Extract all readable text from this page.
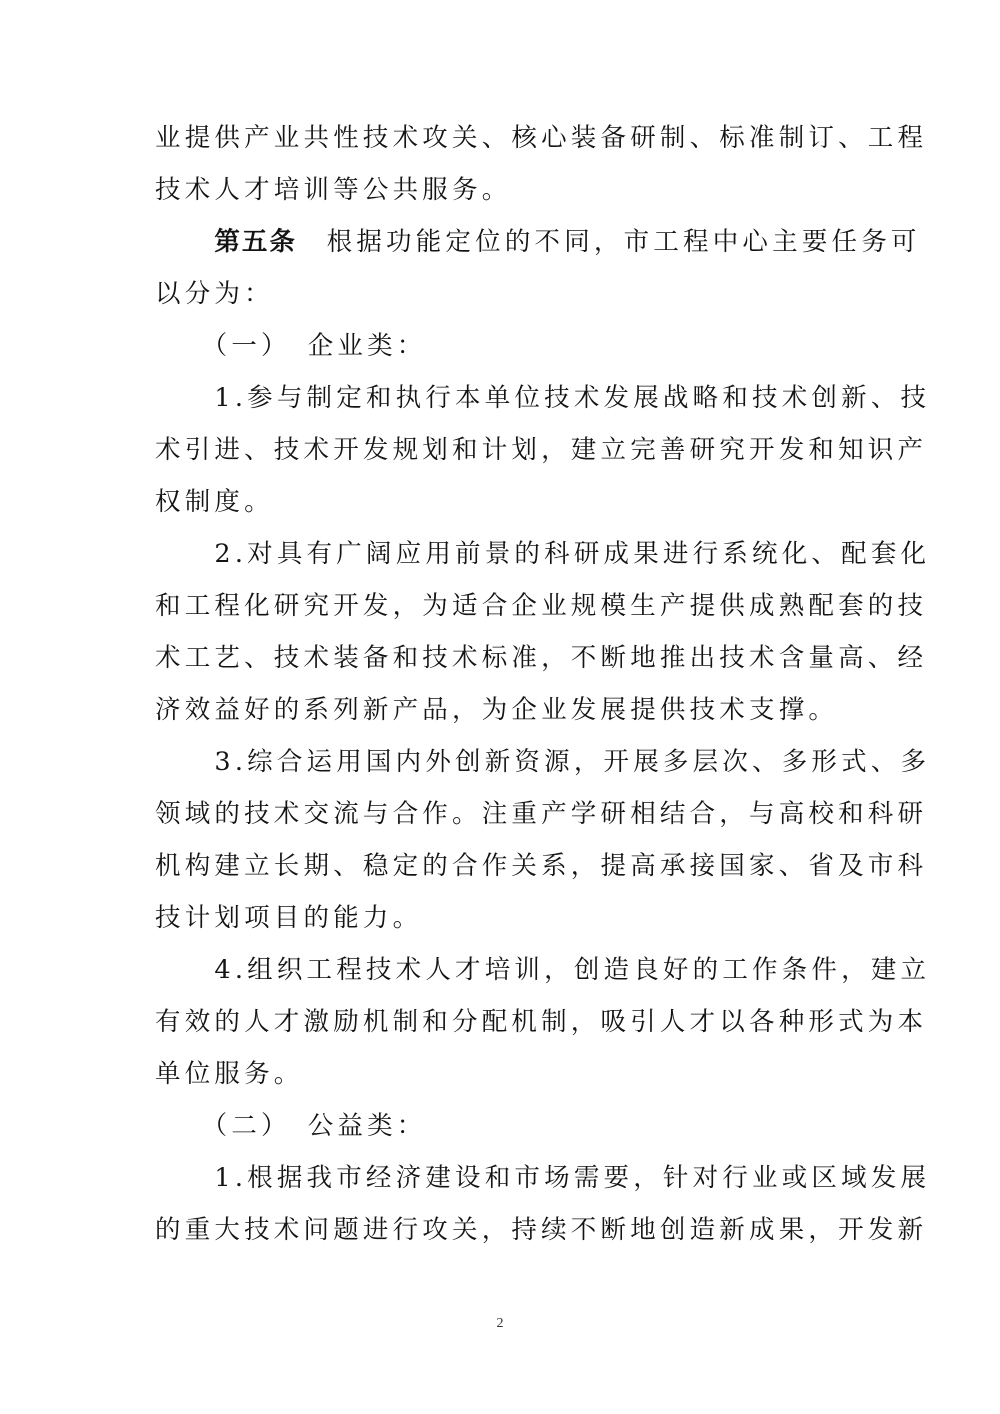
业提供产业共性技术攻关、核心装备研制、标准制订、工程
技术人才培训等公共服务。
　　第五条　根据功能定位的不同，市工程中心主要任务可
以分为：
　　（一）　企业类：
　　1.参与制定和执行本单位技术发展战略和技术创新、技
术引进、技术开发规划和计划，建立完善研究开发和知识产
权制度。
　　2.对具有广阔应用前景的科研成果进行系统化、配套化
和工程化研究开发，为适合企业规模生产提供成熟配套的技
术工艺、技术装备和技术标准，不断地推出技术含量高、经
济效益好的系列新产品，为企业发展提供技术支撑。
　　3.综合运用国内外创新资源，开展多层次、多形式、多
领域的技术交流与合作。注重产学研相结合，与高校和科研
机构建立长期、稳定的合作关系，提高承接国家、省及市科
技计划项目的能力。
　　4.组织工程技术人才培训，创造良好的工作条件，建立
有效的人才激励机制和分配机制，吸引人才以各种形式为本
单位服务。
　　（二）　公益类：
　　1.根据我市经济建设和市场需要，针对行业或区域发展
的重大技术问题进行攻关，持续不断地创造新成果，开发新
2
